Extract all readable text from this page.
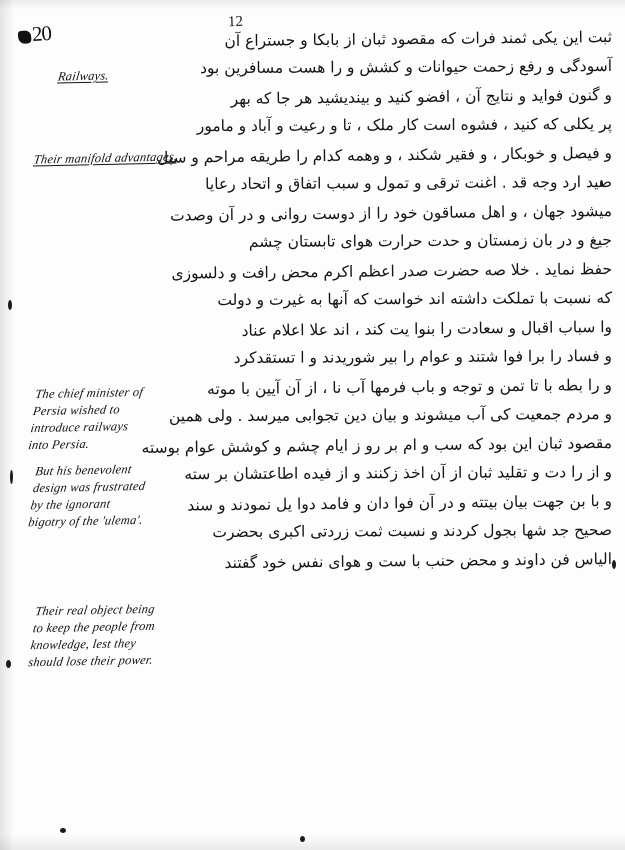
20	12
Railways.
Their manifold advantages.
The chief minister of
Persia wished to
introduce railways
into Persia.
But his benevolent
design was frustrated
by the ignorant
bigotry of the 'ulema'.
Their real object being
to keep the people from
knowledge, lest they
should lose their power.
ثبت این یکی ثمند فرات که مقصود ثبان از بابکا و جستراع آن
آسودگی و رفع زحمت حیوانات و کشش و را هست مسافرین بود
و گنون فواید و نتایج آن ، افضو کنید و بیندیشید هر جا که بهر
پر یکلی که کنید ، فشوه است کار ملک ، تا و رعیت و آباد و مامور
و فیصل و خوبکار ، و فقیر شکند ، و وهمه کدام را طریقه مراحم و سبل
صید ارد وجه قد . اغنت ترقی و تمول و سبب اتفاق و اتحاد رعایا
میشود جهان ، و اهل مساقون خود را از دوست روانی و در آن وصدت
جیغ و در بان زمستان و حدت حرارت هوای تابستان چشم
حفظ نماید . خلا صه حضرت صدر اعظم اکرم محض رافت و دلسوزی
که نسبت با تملکت داشته اند خواست که آنها به غیرت و دولت
وا سباب اقبال و سعادت را بنوا یت کند ، اند علا اعلام عناد
و فساد را برا فوا شتند و عوام را بیر شوریدند و ا تستقدکرد
و را بطه با تا تمن و توجه و باب فرمها آب نا ، از آن آیین با موته
و مردم جمعیت کی آب میشوند و بیان دین تجوابی میرسد . ولی همین
مقصود ثبان این بود که سب و ام بر رو ز ایام چشم و کوشش عوام بوسته
و از را دت و تقلید ثبان از آن اخذ زکنند و از فیده اطاعتشان بر سته
و با بن جهت بیان بیتته و در آن فوا دان و فامد دوا یل نمودند و سند
صحیح جد شها بجول کردند و نسبت ثمت زردتی اکبری بحضرت
الیاس فن داوند و محض حنب با ست و هوای نفس خود گفتند
